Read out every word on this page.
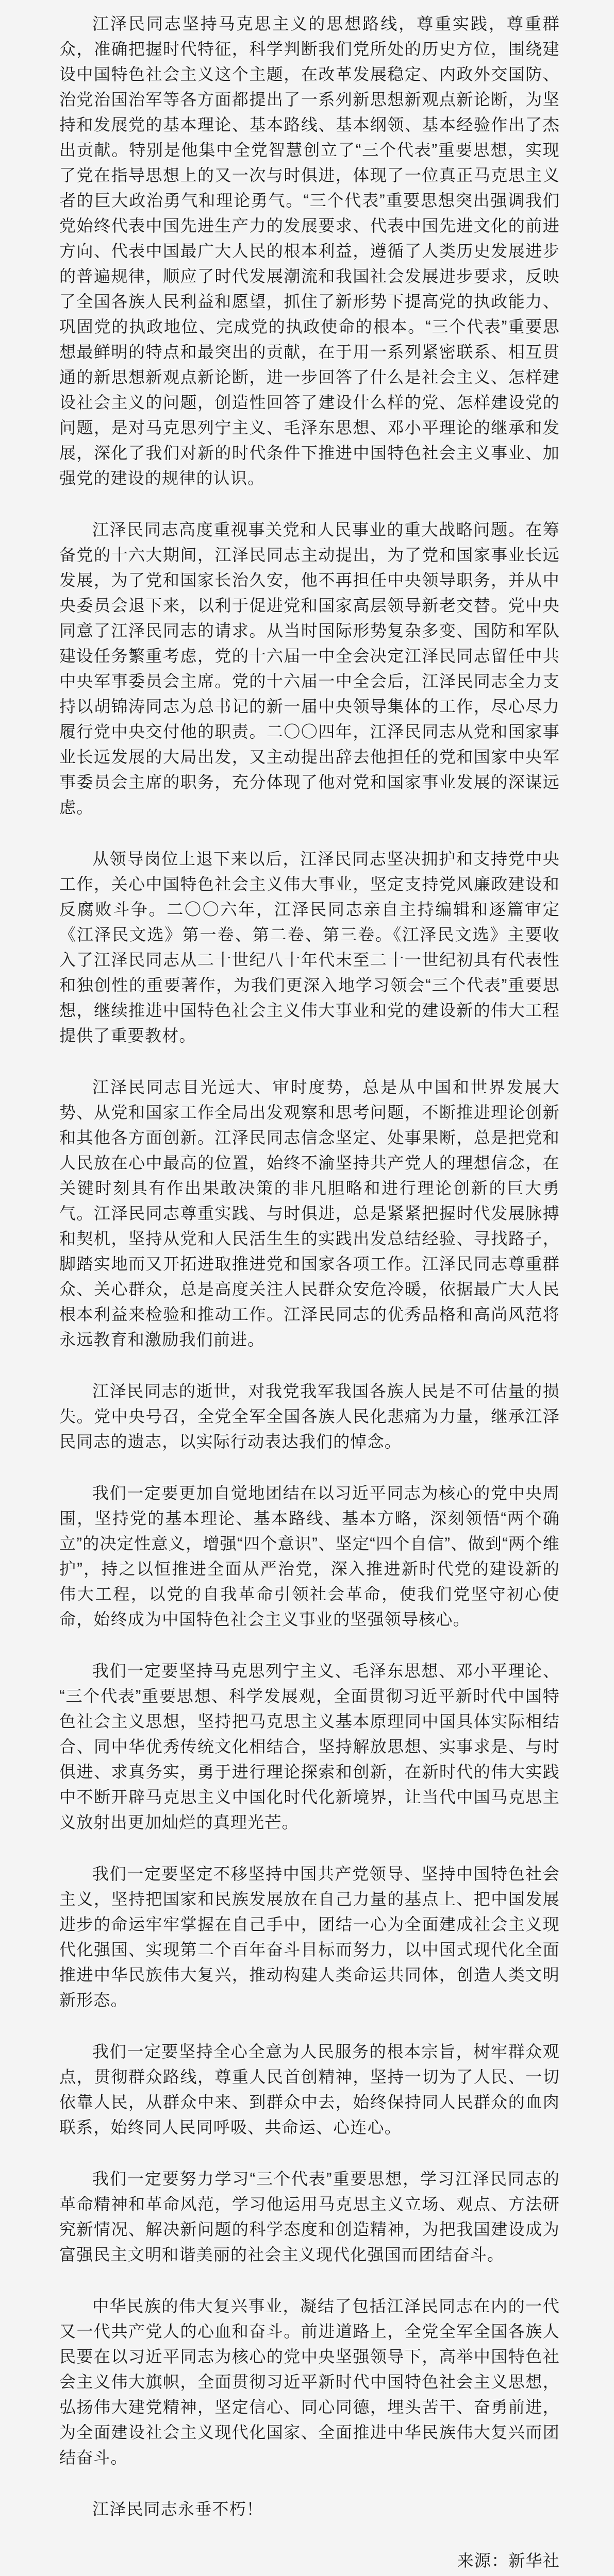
江泽民同志坚持马克思主义的思想路线，尊重实践，尊重群众，准确把握时代特征，科学判断我们党所处的历史方位，围绕建设中国特色社会主义这个主题，在改革发展稳定、内政外交国防、治党治国治军等各方面都提出了一系列新思想新观点新论断，为坚持和发展党的基本理论、基本路线、基本纲领、基本经验作出了杰出贡献。特别是他集中全党智慧创立了“三个代表”重要思想，实现了党在指导思想上的又一次与时俱进，体现了一位真正马克思主义者的巨大政治勇气和理论勇气。“三个代表”重要思想突出强调我们党始终代表中国先进生产力的发展要求、代表中国先进文化的前进方向、代表中国最广大人民的根本利益，遵循了人类历史发展进步的普遍规律，顺应了时代发展潮流和我国社会发展进步要求，反映了全国各族人民利益和愿望，抓住了新形势下提高党的执政能力、巩固党的执政地位、完成党的执政使命的根本。“三个代表”重要思想最鲜明的特点和最突出的贡献，在于用一系列紧密联系、相互贯通的新思想新观点新论断，进一步回答了什么是社会主义、怎样建设社会主义的问题，创造性回答了建设什么样的党、怎样建设党的问题，是对马克思列宁主义、毛泽东思想、邓小平理论的继承和发展，深化了我们对新的时代条件下推进中国特色社会主义事业、加强党的建设的规律的认识。

江泽民同志高度重视事关党和人民事业的重大战略问题。在筹备党的十六大期间，江泽民同志主动提出，为了党和国家事业长远发展，为了党和国家长治久安，他不再担任中央领导职务，并从中央委员会退下来，以利于促进党和国家高层领导新老交替。党中央同意了江泽民同志的请求。从当时国际形势复杂多变、国防和军队建设任务繁重考虑，党的十六届一中全会决定江泽民同志留任中共中央军事委员会主席。党的十六届一中全会后，江泽民同志全力支持以胡锦涛同志为总书记的新一届中央领导集体的工作，尽心尽力履行党中央交付他的职责。二〇〇四年，江泽民同志从党和国家事业长远发展的大局出发，又主动提出辞去他担任的党和国家中央军事委员会主席的职务，充分体现了他对党和国家事业发展的深谋远虑。

从领导岗位上退下来以后，江泽民同志坚决拥护和支持党中央工作，关心中国特色社会主义伟大事业，坚定支持党风廉政建设和反腐败斗争。二〇〇六年，江泽民同志亲自主持编辑和逐篇审定《江泽民文选》第一卷、第二卷、第三卷。《江泽民文选》主要收入了江泽民同志从二十世纪八十年代末至二十一世纪初具有代表性和独创性的重要著作，为我们更深入地学习领会“三个代表”重要思想，继续推进中国特色社会主义伟大事业和党的建设新的伟大工程提供了重要教材。

江泽民同志目光远大、审时度势，总是从中国和世界发展大势、从党和国家工作全局出发观察和思考问题，不断推进理论创新和其他各方面创新。江泽民同志信念坚定、处事果断，总是把党和人民放在心中最高的位置，始终不渝坚持共产党人的理想信念，在关键时刻具有作出果敢决策的非凡胆略和进行理论创新的巨大勇气。江泽民同志尊重实践、与时俱进，总是紧紧把握时代发展脉搏和契机，坚持从党和人民活生生的实践出发总结经验、寻找路子，脚踏实地而又开拓进取推进党和国家各项工作。江泽民同志尊重群众、关心群众，总是高度关注人民群众安危冷暖，依据最广大人民根本利益来检验和推动工作。江泽民同志的优秀品格和高尚风范将永远教育和激励我们前进。

江泽民同志的逝世，对我党我军我国各族人民是不可估量的损失。党中央号召，全党全军全国各族人民化悲痛为力量，继承江泽民同志的遗志，以实际行动表达我们的悼念。

我们一定要更加自觉地团结在以习近平同志为核心的党中央周围，坚持党的基本理论、基本路线、基本方略，深刻领悟“两个确立”的决定性意义，增强“四个意识”、坚定“四个自信”、做到“两个维护”，持之以恒推进全面从严治党，深入推进新时代党的建设新的伟大工程，以党的自我革命引领社会革命，使我们党坚守初心使命，始终成为中国特色社会主义事业的坚强领导核心。

我们一定要坚持马克思列宁主义、毛泽东思想、邓小平理论、“三个代表”重要思想、科学发展观，全面贯彻习近平新时代中国特色社会主义思想，坚持把马克思主义基本原理同中国具体实际相结合、同中华优秀传统文化相结合，坚持解放思想、实事求是、与时俱进、求真务实，勇于进行理论探索和创新，在新时代的伟大实践中不断开辟马克思主义中国化时代化新境界，让当代中国马克思主义放射出更加灿烂的真理光芒。

我们一定要坚定不移坚持中国共产党领导、坚持中国特色社会主义，坚持把国家和民族发展放在自己力量的基点上、把中国发展进步的命运牢牢掌握在自己手中，团结一心为全面建成社会主义现代化强国、实现第二个百年奋斗目标而努力，以中国式现代化全面推进中华民族伟大复兴，推动构建人类命运共同体，创造人类文明新形态。

我们一定要坚持全心全意为人民服务的根本宗旨，树牢群众观点，贯彻群众路线，尊重人民首创精神，坚持一切为了人民、一切依靠人民，从群众中来、到群众中去，始终保持同人民群众的血肉联系，始终同人民同呼吸、共命运、心连心。

我们一定要努力学习“三个代表”重要思想，学习江泽民同志的革命精神和革命风范，学习他运用马克思主义立场、观点、方法研究新情况、解决新问题的科学态度和创造精神，为把我国建设成为富强民主文明和谐美丽的社会主义现代化强国而团结奋斗。

中华民族的伟大复兴事业，凝结了包括江泽民同志在内的一代又一代共产党人的心血和奋斗。前进道路上，全党全军全国各族人民要在以习近平同志为核心的党中央坚强领导下，高举中国特色社会主义伟大旗帜，全面贯彻习近平新时代中国特色社会主义思想，弘扬伟大建党精神，坚定信心、同心同德，埋头苦干、奋勇前进，为全面建设社会主义现代化国家、全面推进中华民族伟大复兴而团结奋斗。

江泽民同志永垂不朽！

来源：新华社
